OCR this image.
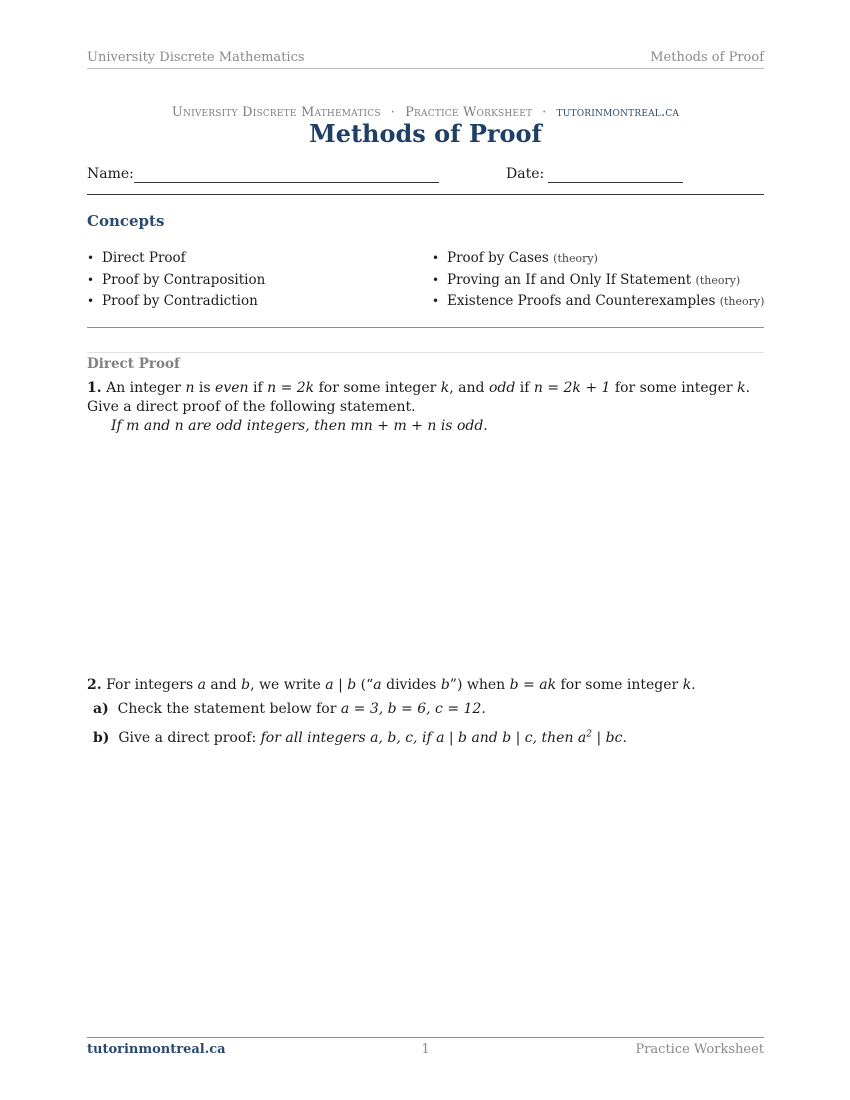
University Discrete Mathematics	Methods of Proof
University Discrete Mathematics · Practice Worksheet · tutorinmontreal.ca
Methods of Proof
Name:	Date:
Concepts
• Direct Proof
• Proof by Contraposition
• Proof by Contradiction
• Proof by Cases (theory)
• Proving an If and Only If Statement (theory)
• Existence Proofs and Counterexamples (theory)
Direct Proof
1. An integer n is even if n = 2k for some integer k, and odd if n = 2k + 1 for some integer k. Give a direct proof of the following statement.
If m and n are odd integers, then mn + m + n is odd.
2. For integers a and b, we write a | b (“a divides b”) when b = ak for some integer k.
a) Check the statement below for a = 3, b = 6, c = 12.
b) Give a direct proof: for all integers a, b, c, if a | b and b | c, then $a^2$ | bc.
tutorinmontreal.ca	1	Practice Worksheet
